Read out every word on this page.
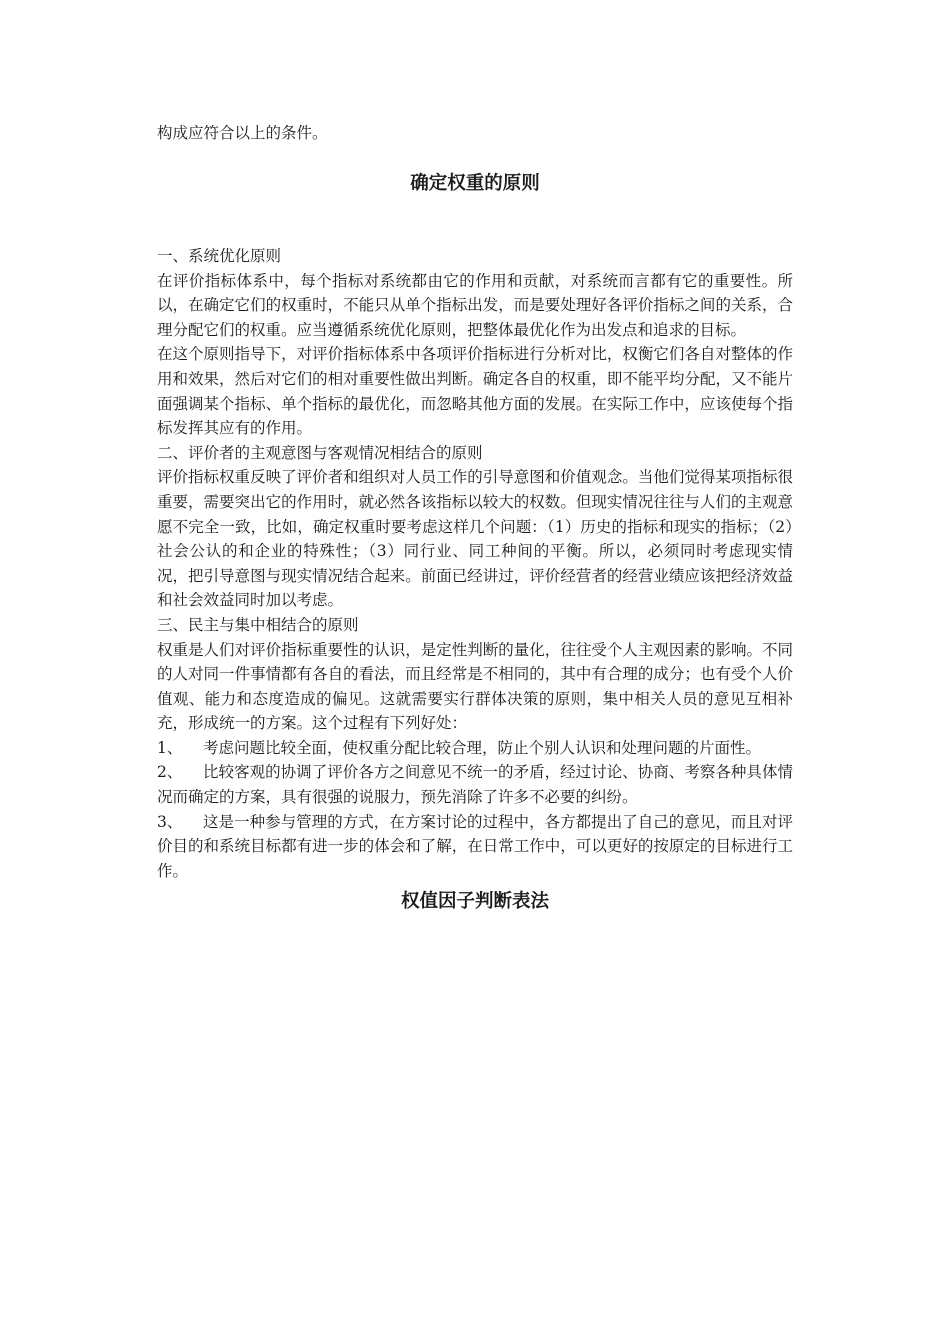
构成应符合以上的条件。

确定权重的原则

一、系统优化原则

在评价指标体系中，每个指标对系统都由它的作用和贡献，对系统而言都有它的重要性。所以，在确定它们的权重时，不能只从单个指标出发，而是要处理好各评价指标之间的关系，合理分配它们的权重。应当遵循系统优化原则，把整体最优化作为出发点和追求的目标。

在这个原则指导下，对评价指标体系中各项评价指标进行分析对比，权衡它们各自对整体的作用和效果，然后对它们的相对重要性做出判断。确定各自的权重，即不能平均分配，又不能片面强调某个指标、单个指标的最优化，而忽略其他方面的发展。在实际工作中，应该使每个指标发挥其应有的作用。

二、评价者的主观意图与客观情况相结合的原则

评价指标权重反映了评价者和组织对人员工作的引导意图和价值观念。当他们觉得某项指标很重要，需要突出它的作用时，就必然各该指标以较大的权数。但现实情况往往与人们的主观意愿不完全一致，比如，确定权重时要考虑这样几个问题：（1）历史的指标和现实的指标；（2）社会公认的和企业的特殊性；（3）同行业、同工种间的平衡。所以，必须同时考虑现实情况，把引导意图与现实情况结合起来。前面已经讲过，评价经营者的经营业绩应该把经济效益和社会效益同时加以考虑。

三、民主与集中相结合的原则

权重是人们对评价指标重要性的认识，是定性判断的量化，往往受个人主观因素的影响。不同的人对同一件事情都有各自的看法，而且经常是不相同的，其中有合理的成分；也有受个人价值观、能力和态度造成的偏见。这就需要实行群体决策的原则，集中相关人员的意见互相补充，形成统一的方案。这个过程有下列好处：

1、 考虑问题比较全面，使权重分配比较合理，防止个别人认识和处理问题的片面性。

2、 比较客观的协调了评价各方之间意见不统一的矛盾，经过讨论、协商、考察各种具体情况而确定的方案，具有很强的说服力，预先消除了许多不必要的纠纷。

3、 这是一种参与管理的方式，在方案讨论的过程中，各方都提出了自己的意见，而且对评价目的和系统目标都有进一步的体会和了解，在日常工作中，可以更好的按原定的目标进行工作。

权值因子判断表法
